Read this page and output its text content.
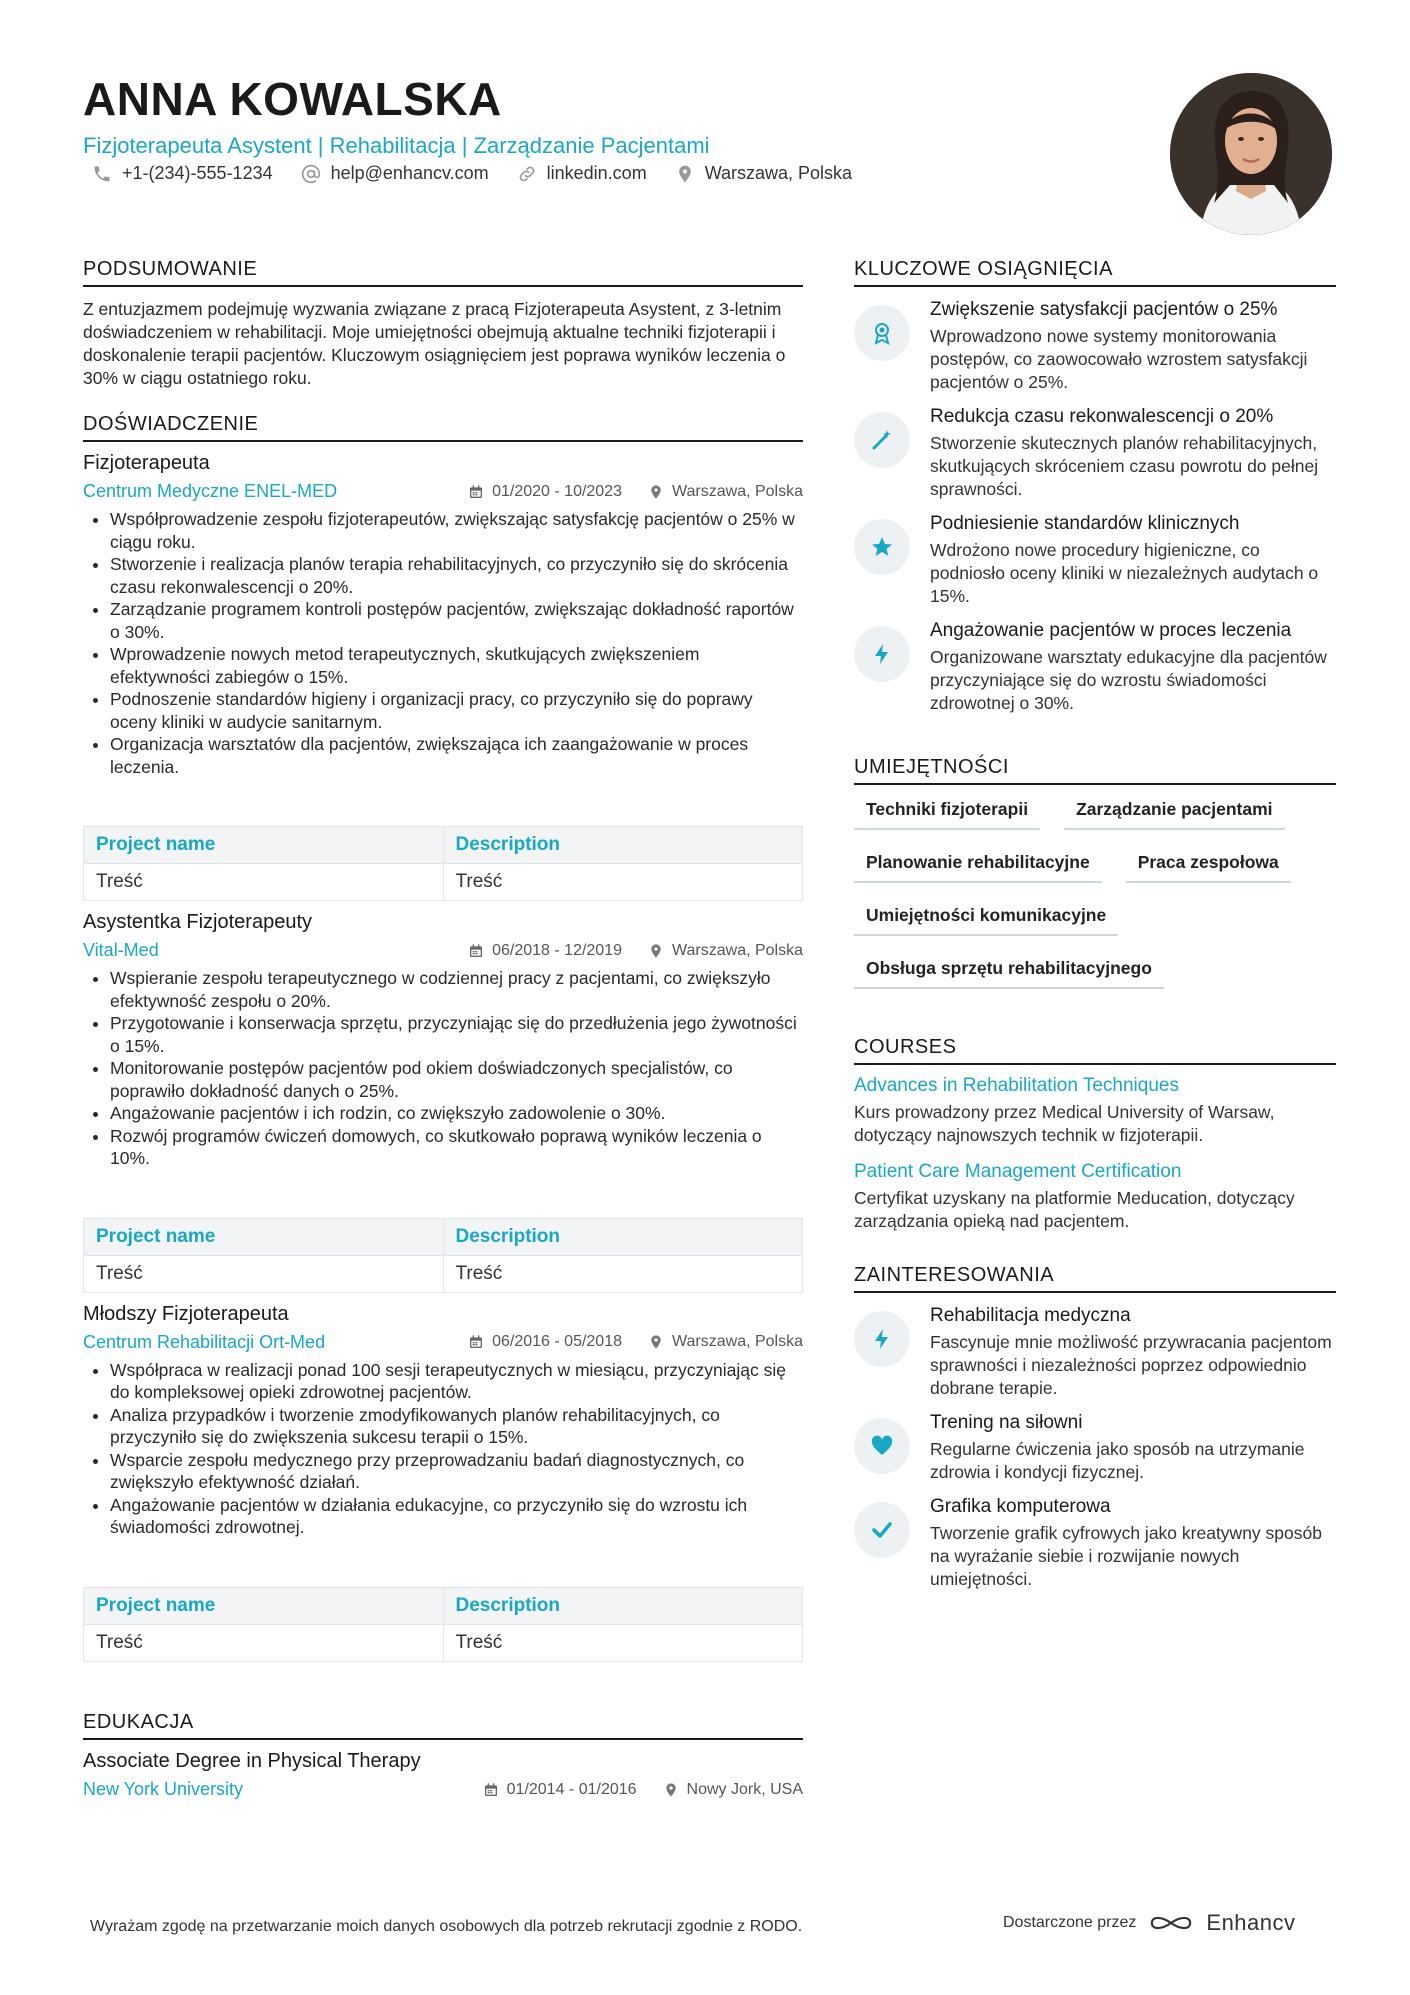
ANNA KOWALSKA
Fizjoterapeuta Asystent | Rehabilitacja | Zarządzanie Pacjentami
+1-(234)-555-1234	help@enhancv.com	linkedin.com	Warszawa, Polska
PODSUMOWANIE
Z entuzjazmem podejmuję wyzwania związane z pracą Fizjoterapeuta Asystent, z 3-letnim doświadczeniem w rehabilitacji. Moje umiejętności obejmują aktualne techniki fizjoterapii i doskonalenie terapii pacjentów. Kluczowym osiągnięciem jest poprawa wyników leczenia o 30% w ciągu ostatniego roku.
DOŚWIADCZENIE
Fizjoterapeuta
Centrum Medyczne ENEL-MED	01/2020 - 10/2023	Warszawa, Polska
• Współprowadzenie zespołu fizjoterapeutów, zwiększając satysfakcję pacjentów o 25% w ciągu roku.
• Stworzenie i realizacja planów terapia rehabilitacyjnych, co przyczyniło się do skrócenia czasu rekonwalescencji o 20%.
• Zarządzanie programem kontroli postępów pacjentów, zwiększając dokładność raportów o 30%.
• Wprowadzenie nowych metod terapeutycznych, skutkujących zwiększeniem efektywności zabiegów o 15%.
• Podnoszenie standardów higieny i organizacji pracy, co przyczyniło się do poprawy oceny kliniki w audycie sanitarnym.
• Organizacja warsztatów dla pacjentów, zwiększająca ich zaangażowanie w proces leczenia.
Project name	Description
Treść	Treść
Asystentka Fizjoterapeuty
Vital-Med	06/2018 - 12/2019	Warszawa, Polska
• Wspieranie zespołu terapeutycznego w codziennej pracy z pacjentami, co zwiększyło efektywność zespołu o 20%.
• Przygotowanie i konserwacja sprzętu, przyczyniając się do przedłużenia jego żywotności o 15%.
• Monitorowanie postępów pacjentów pod okiem doświadczonych specjalistów, co poprawiło dokładność danych o 25%.
• Angażowanie pacjentów i ich rodzin, co zwiększyło zadowolenie o 30%.
• Rozwój programów ćwiczeń domowych, co skutkowało poprawą wyników leczenia o 10%.
Project name	Description
Treść	Treść
Młodszy Fizjoterapeuta
Centrum Rehabilitacji Ort-Med	06/2016 - 05/2018	Warszawa, Polska
• Współpraca w realizacji ponad 100 sesji terapeutycznych w miesiącu, przyczyniając się do kompleksowej opieki zdrowotnej pacjentów.
• Analiza przypadków i tworzenie zmodyfikowanych planów rehabilitacyjnych, co przyczyniło się do zwiększenia sukcesu terapii o 15%.
• Wsparcie zespołu medycznego przy przeprowadzaniu badań diagnostycznych, co zwiększyło efektywność działań.
• Angażowanie pacjentów w działania edukacyjne, co przyczyniło się do wzrostu ich świadomości zdrowotnej.
Project name	Description
Treść	Treść
EDUKACJA
Associate Degree in Physical Therapy
New York University	01/2014 - 01/2016	Nowy Jork, USA
KLUCZOWE OSIĄGNIĘCIA
Zwiększenie satysfakcji pacjentów o 25%
Wprowadzono nowe systemy monitorowania postępów, co zaowocowało wzrostem satysfakcji pacjentów o 25%.
Redukcja czasu rekonwalescencji o 20%
Stworzenie skutecznych planów rehabilitacyjnych, skutkujących skróceniem czasu powrotu do pełnej sprawności.
Podniesienie standardów klinicznych
Wdrożono nowe procedury higieniczne, co podniosło oceny kliniki w niezależnych audytach o 15%.
Angażowanie pacjentów w proces leczenia
Organizowane warsztaty edukacyjne dla pacjentów przyczyniające się do wzrostu świadomości zdrowotnej o 30%.
UMIEJĘTNOŚCI
Techniki fizjoterapii	Zarządzanie pacjentami
Planowanie rehabilitacyjne	Praca zespołowa
Umiejętności komunikacyjne
Obsługa sprzętu rehabilitacyjnego
COURSES
Advances in Rehabilitation Techniques
Kurs prowadzony przez Medical University of Warsaw, dotyczący najnowszych technik w fizjoterapii.
Patient Care Management Certification
Certyfikat uzyskany na platformie Meducation, dotyczący zarządzania opieką nad pacjentem.
ZAINTERESOWANIA
Rehabilitacja medyczna
Fascynuje mnie możliwość przywracania pacjentom sprawności i niezależności poprzez odpowiednio dobrane terapie.
Trening na siłowni
Regularne ćwiczenia jako sposób na utrzymanie zdrowia i kondycji fizycznej.
Grafika komputerowa
Tworzenie grafik cyfrowych jako kreatywny sposób na wyrażanie siebie i rozwijanie nowych umiejętności.
Wyrażam zgodę na przetwarzanie moich danych osobowych dla potrzeb rekrutacji zgodnie z RODO.	Dostarczone przez	Enhancv
